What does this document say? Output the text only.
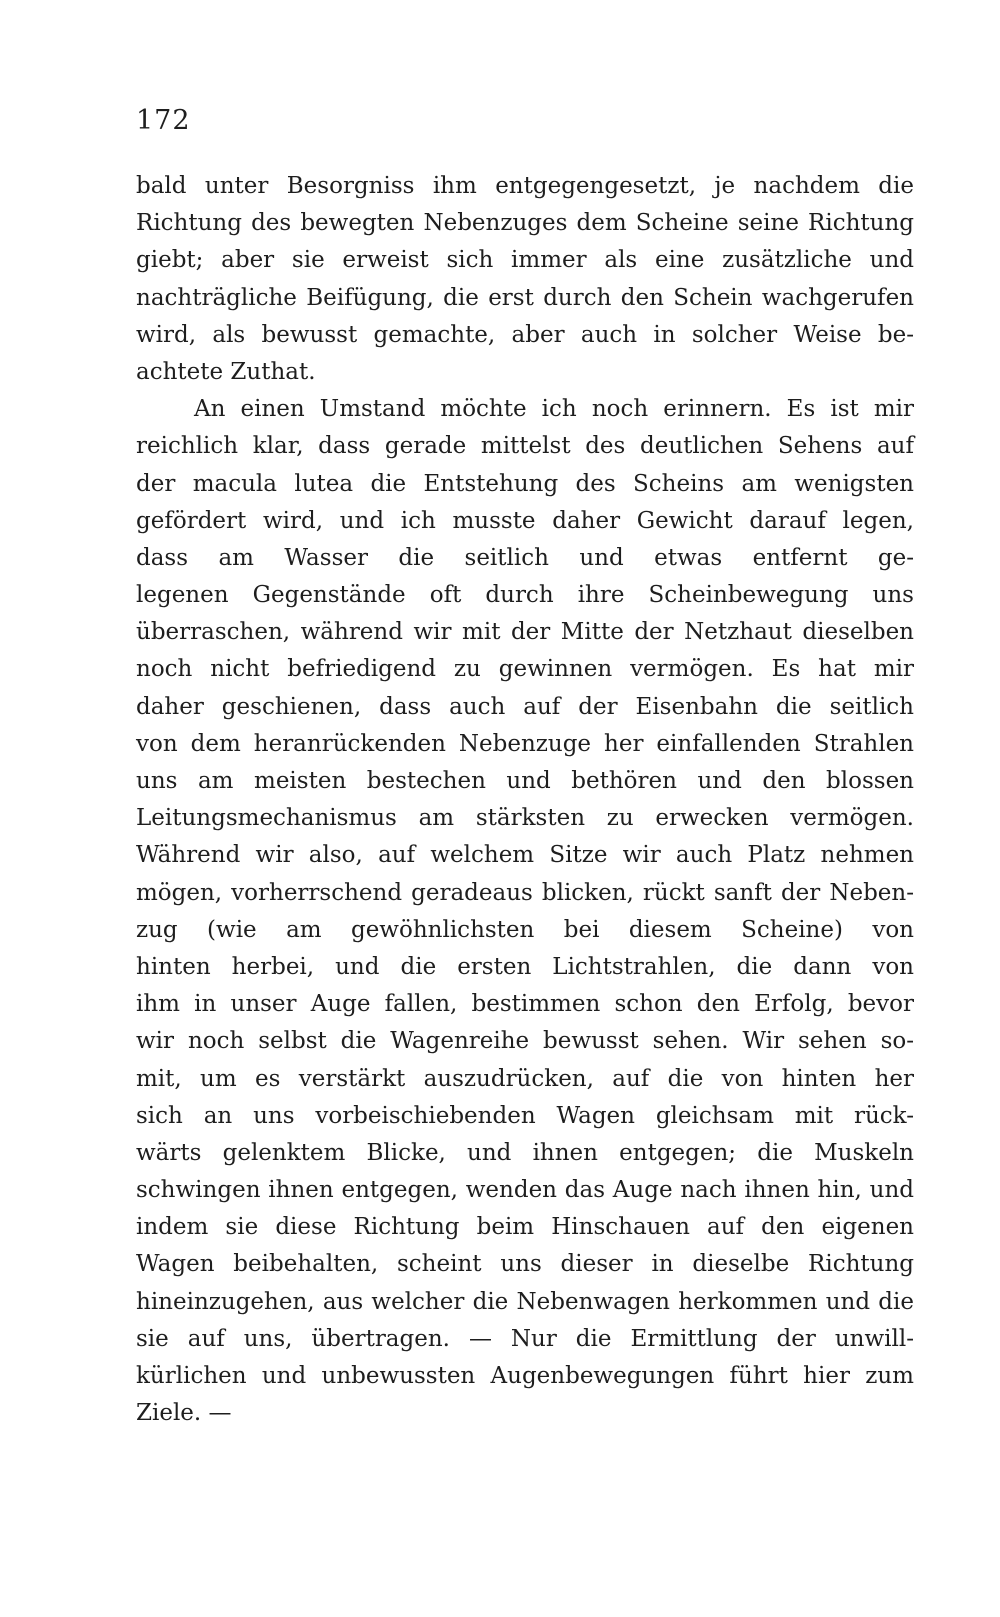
172
bald unter Besorgniss ihm entgegengesetzt, je nachdem die
Richtung des bewegten Nebenzuges dem Scheine seine Richtung
giebt; aber sie erweist sich immer als eine zusätzliche und
nachträgliche Beifügung, die erst durch den Schein wachgerufen
wird, als bewusst gemachte, aber auch in solcher Weise be-
achtete Zuthat.
An einen Umstand möchte ich noch erinnern. Es ist mir
reichlich klar, dass gerade mittelst des deutlichen Sehens auf
der macula lutea die Entstehung des Scheins am wenigsten
gefördert wird, und ich musste daher Gewicht darauf legen,
dass am Wasser die seitlich und etwas entfernt ge-
legenen Gegenstände oft durch ihre Scheinbewegung uns
überraschen, während wir mit der Mitte der Netzhaut dieselben
noch nicht befriedigend zu gewinnen vermögen. Es hat mir
daher geschienen, dass auch auf der Eisenbahn die seitlich
von dem heranrückenden Nebenzuge her einfallenden Strahlen
uns am meisten bestechen und bethören und den blossen
Leitungsmechanismus am stärksten zu erwecken vermögen.
Während wir also, auf welchem Sitze wir auch Platz nehmen
mögen, vorherrschend geradeaus blicken, rückt sanft der Neben-
zug (wie am gewöhnlichsten bei diesem Scheine) von
hinten herbei, und die ersten Lichtstrahlen, die dann von
ihm in unser Auge fallen, bestimmen schon den Erfolg, bevor
wir noch selbst die Wagenreihe bewusst sehen. Wir sehen so-
mit, um es verstärkt auszudrücken, auf die von hinten her
sich an uns vorbeischiebenden Wagen gleichsam mit rück-
wärts gelenktem Blicke, und ihnen entgegen; die Muskeln
schwingen ihnen entgegen, wenden das Auge nach ihnen hin, und
indem sie diese Richtung beim Hinschauen auf den eigenen
Wagen beibehalten, scheint uns dieser in dieselbe Richtung
hineinzugehen, aus welcher die Nebenwagen herkommen und die
sie auf uns, übertragen. — Nur die Ermittlung der unwill-
kürlichen und unbewussten Augenbewegungen führt hier zum
Ziele. —
